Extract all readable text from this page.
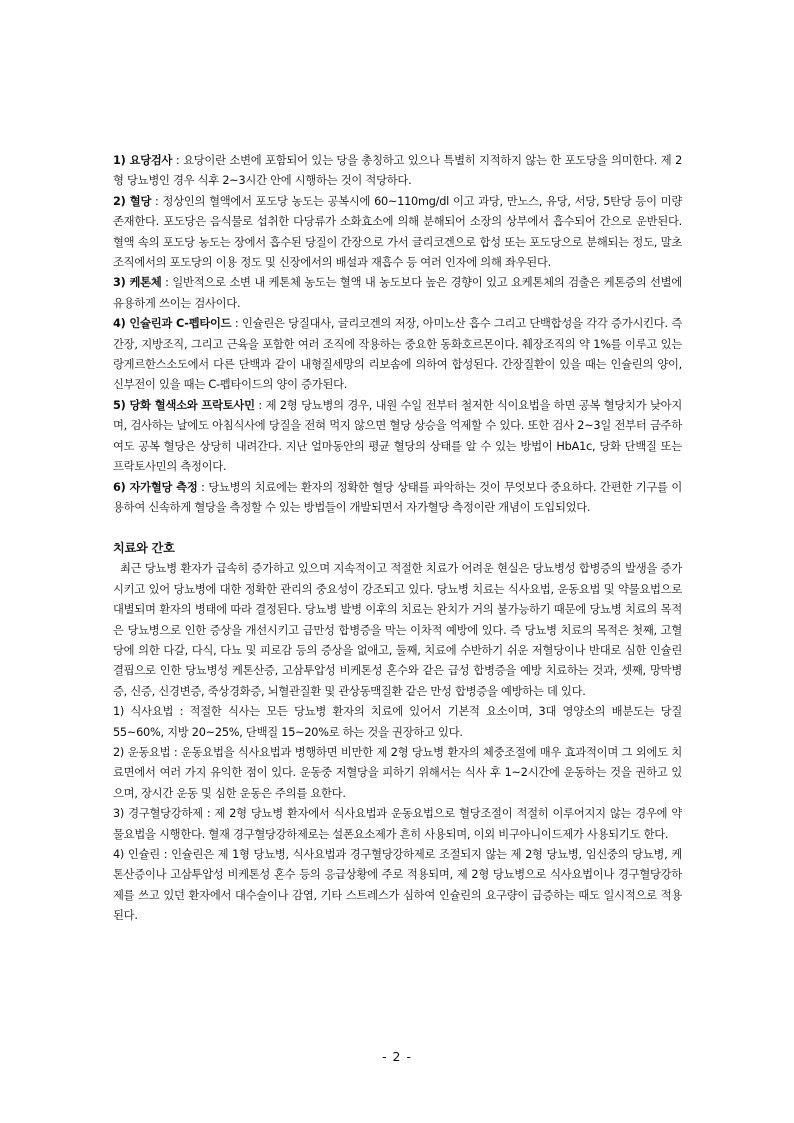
1) 요당검사 : 요당이란 소변에 포함되어 있는 당을 총칭하고 있으나 특별히 지적하지 않는 한 포도당을 의미한다. 제 2형 당뇨병인 경우 식후 2~3시간 안에 시행하는 것이 적당하다.

2) 혈당 : 정상인의 혈액에서 포도당 농도는 공복시에 60~110mg/dl 이고 과당, 만노스, 유당, 서당, 5탄당 등이 미량 존재한다. 포도당은 음식물로 섭취한 다당류가 소화효소에 의해 분해되어 소장의 상부에서 흡수되어 간으로 운반된다. 혈액 속의 포도당 농도는 장에서 흡수된 당질이 간장으로 가서 글리코겐으로 합성 또는 포도당으로 분해되는 정도, 말초조직에서의 포도당의 이용 정도 및 신장에서의 배설과 재흡수 등 여러 인자에 의해 좌우된다.

3) 케톤체 : 일반적으로 소변 내 케톤체 농도는 혈액 내 농도보다 높은 경향이 있고 요케톤체의 검출은 케톤증의 선별에 유용하게 쓰이는 검사이다.

4) 인슐린과 C-펩타이드 : 인슐린은 당질대사, 글리코겐의 저장, 아미노산 흡수 그리고 단백합성을 각각 증가시킨다. 즉 간장, 지방조직, 그리고 근육을 포함한 여러 조직에 작용하는 중요한 동화호르몬이다. 췌장조직의 약 1%를 이루고 있는 랑게르한스소도에서 다른 단백과 같이 내형질세망의 리보솜에 의하여 합성된다. 간장질환이 있을 때는 인슐린의 양이, 신부전이 있을 때는 C-펩타이드의 양이 증가된다.

5) 당화 혈색소와 프락토사민 : 제 2형 당뇨병의 경우, 내원 수일 전부터 철저한 식이요법을 하면 공복 혈당치가 낮아지며, 검사하는 날에도 아침식사에 당질을 전혀 먹지 않으면 혈당 상승을 억제할 수 있다. 또한 검사 2~3일 전부터 금주하여도 공복 혈당은 상당히 내려간다. 지난 얼마동안의 평균 혈당의 상태를 알 수 있는 방법이 HbA1c, 당화 단백질 또는 프락토사민의 측정이다.

6) 자가혈당 측정 : 당뇨병의 치료에는 환자의 정확한 혈당 상태를 파악하는 것이 무엇보다 중요하다. 간편한 기구를 이용하여 신속하게 혈당을 측정할 수 있는 방법들이 개발되면서 자가혈당 측정이란 개념이 도입되었다.

치료와 간호

최근 당뇨병 환자가 급속히 증가하고 있으며 지속적이고 적절한 치료가 어려운 현실은 당뇨병성 합병증의 발생을 증가시키고 있어 당뇨병에 대한 정확한 관리의 중요성이 강조되고 있다. 당뇨병 치료는 식사요법, 운동요법 및 약물요법으로 대별되며 환자의 병태에 따라 결정된다. 당뇨병 발병 이후의 치료는 완치가 거의 불가능하기 때문에 당뇨병 치료의 목적은 당뇨병으로 인한 증상을 개선시키고 급만성 합병증을 막는 이차적 예방에 있다. 즉 당뇨병 치료의 목적은 첫째, 고혈당에 의한 다갈, 다식, 다뇨 및 피로감 등의 증상을 없애고, 둘째, 치료에 수반하기 쉬운 저혈당이나 반대로 심한 인슐린 결핍으로 인한 당뇨병성 케톤산증, 고삼투압성 비케톤성 혼수와 같은 급성 합병증을 예방 치료하는 것과, 셋째, 망막병증, 신증, 신경변증, 죽상경화증, 뇌혈관질환 및 관상동맥질환 같은 만성 합병증을 예방하는 데 있다.

1) 식사요법 : 적절한 식사는 모든 당뇨병 환자의 치료에 있어서 기본적 요소이며, 3대 영양소의 배분도는 당질 55~60%, 지방 20~25%, 단백질 15~20%로 하는 것을 권장하고 있다.

2) 운동요법 : 운동요법을 식사요법과 병행하면 비만한 제 2형 당뇨병 환자의 체중조절에 매우 효과적이며 그 외에도 치료면에서 여러 가지 유익한 점이 있다. 운동중 저혈당을 피하기 위해서는 식사 후 1~2시간에 운동하는 것을 권하고 있으며, 장시간 운동 및 심한 운동은 주의를 요한다.

3) 경구혈당강하제 : 제 2형 당뇨병 환자에서 식사요법과 운동요법으로 혈당조절이 적절히 이루어지지 않는 경우에 약물요법을 시행한다. 혈재 경구혈당강하제로는 설폰요소제가 흔히 사용되며, 이외 비구아니이드제가 사용되기도 한다.

4) 인슐린 : 인슐린은 제 1형 당뇨병, 식사요법과 경구혈당강하제로 조절되지 않는 제 2형 당뇨병, 임신중의 당뇨병, 케톤산증이나 고삼투압성 비케톤성 혼수 등의 응급상황에 주로 적용되며, 제 2형 당뇨병으로 식사요법이나 경구혈당강하제를 쓰고 있던 환자에서 대수술이나 감염, 기타 스트레스가 심하여 인슐린의 요구량이 급증하는 때도 일시적으로 적용된다.

- 2 -
